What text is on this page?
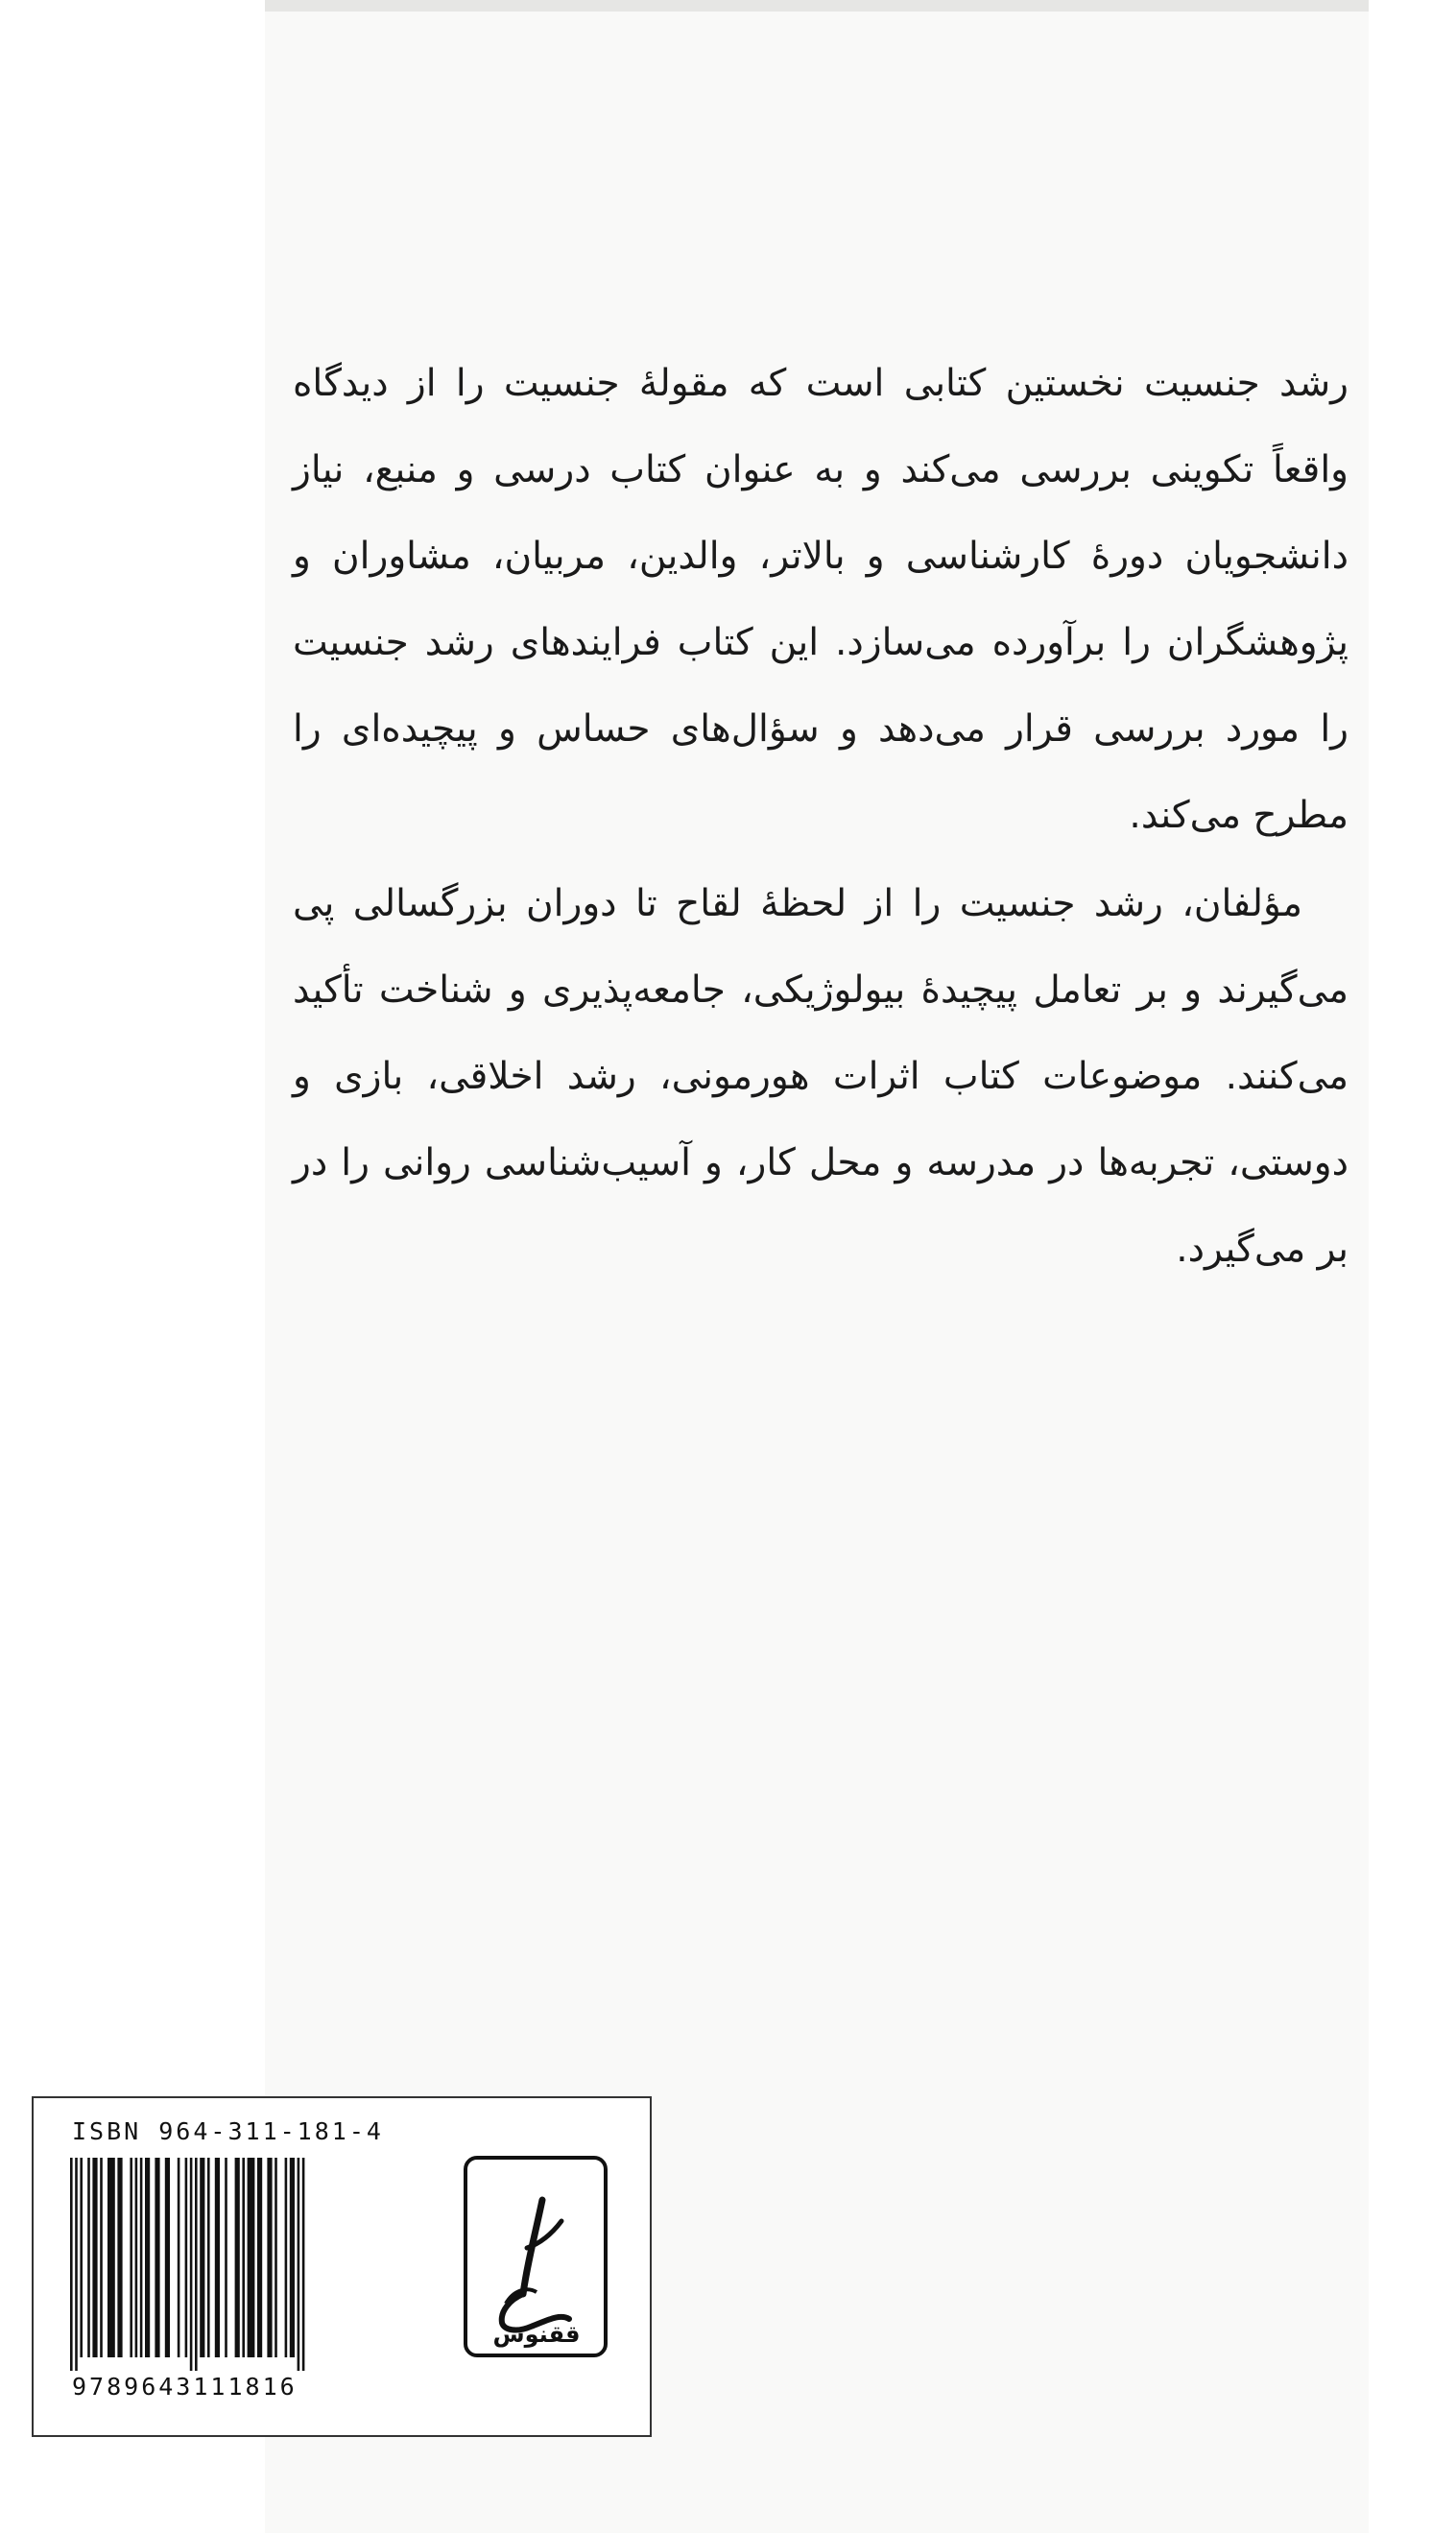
رشد جنسیت نخستین کتابی است که مقولهٔ جنسیت را از دیدگاه واقعاً تکوینی بررسی می‌کند و به عنوان کتاب درسی و منبع، نیاز دانشجویان دورهٔ کارشناسی و بالاتر، والدین، مربیان، مشاوران و پژوهشگران را برآورده می‌سازد. این کتاب فرایندهای رشد جنسیت را مورد بررسی قرار می‌دهد و سؤال‌های حساس و پیچیده‌ای را مطرح می‌کند.

مؤلفان، رشد جنسیت را از لحظهٔ لقاح تا دوران بزرگسالی پی می‌گیرند و بر تعامل پیچیدهٔ بیولوژیکی، جامعه‌پذیری و شناخت تأکید می‌کنند. موضوعات کتاب اثرات هورمونی، رشد اخلاقی، بازی و دوستی، تجربه‌ها در مدرسه و محل کار، و آسیب‌شناسی روانی را در بر می‌گیرد.

ISBN 964-311-181-4
9789643111816
ققنوس
